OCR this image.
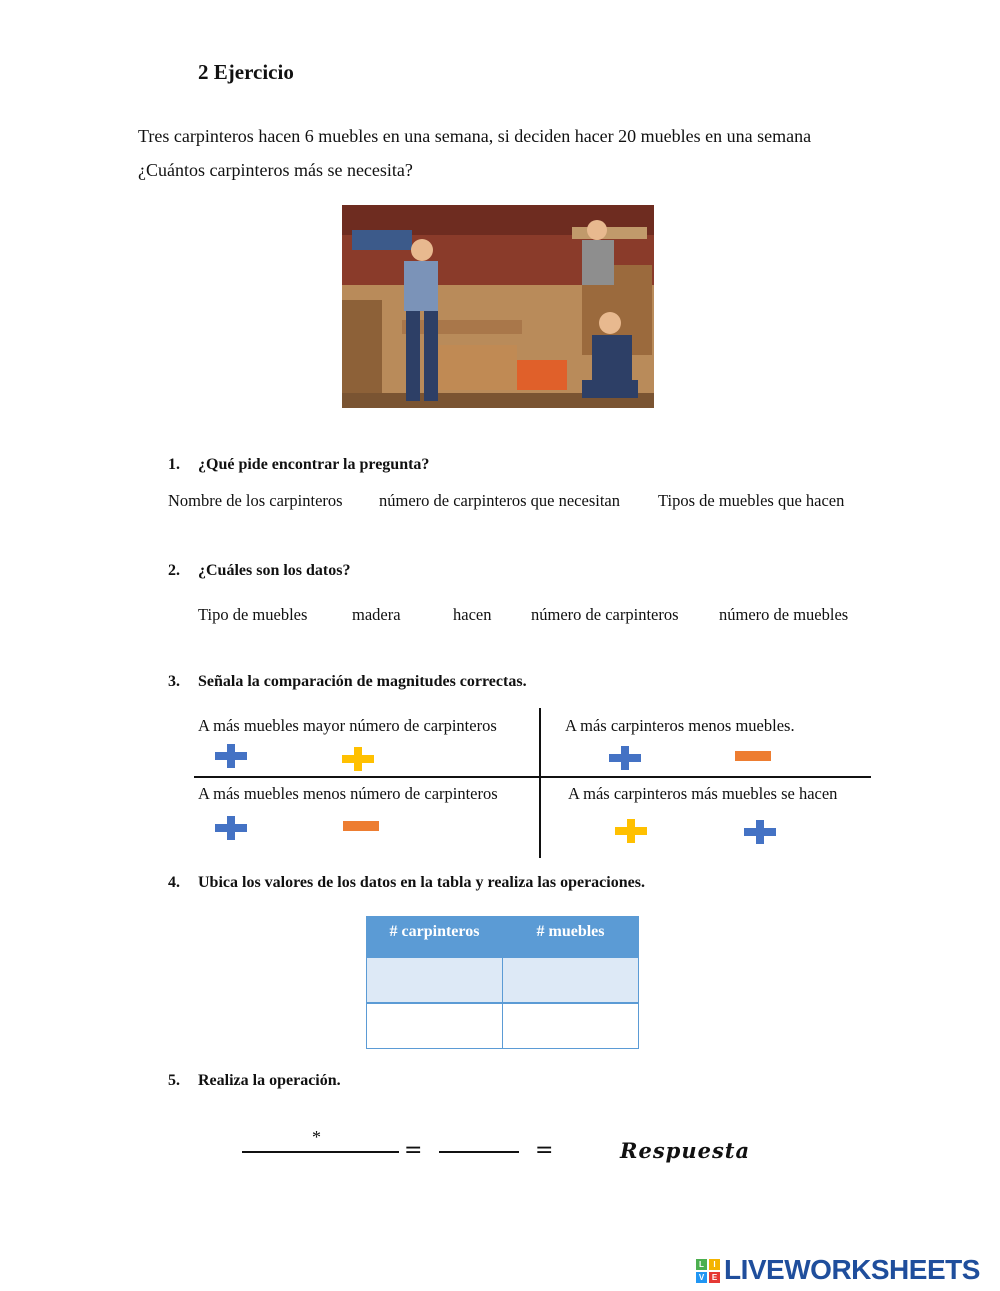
2 Ejercicio
Tres carpinteros hacen 6 muebles en una semana, si deciden hacer 20 muebles en una semana
¿Cuántos carpinteros más se necesita?
1. ¿Qué pide encontrar la pregunta?
Nombre de los carpinteros número de carpinteros que necesitan Tipos de muebles que hacen
2. ¿Cuáles son los datos?
Tipo de muebles	madera	hacen número de carpinteros número de muebles
3. Señala la comparación de magnitudes correctas.
A más muebles mayor número de carpinteros	A más carpinteros menos muebles.
A más muebles menos número de carpinteros	A más carpinteros más muebles se hacen
4. Ubica los valores de los datos en la tabla y realiza las operaciones.
# carpinteros	# muebles

5. Realiza la operación.
*
=	=	Respuesta
L	I
V E LIVEWORKSHEETS
